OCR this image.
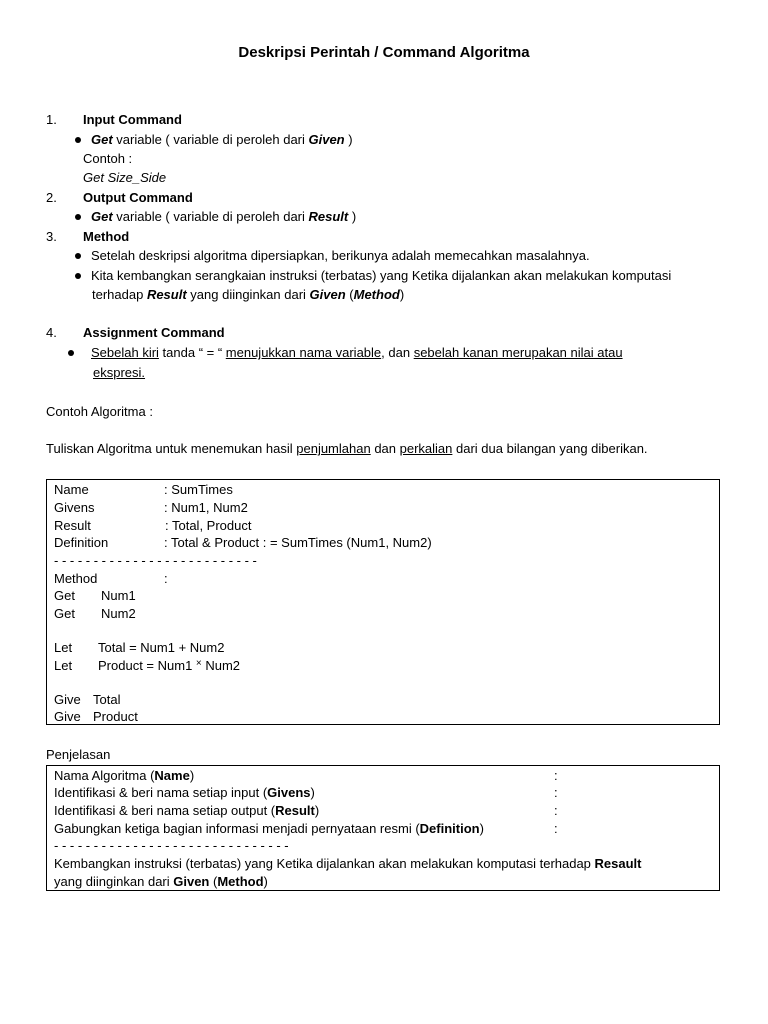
Deskripsi Perintah / Command Algoritma
1. Input Command
Get variable ( variable di peroleh dari Given )
Contoh :
Get Size_Side
2. Output Command
Get variable ( variable di peroleh dari Result )
3. Method
Setelah deskripsi algoritma dipersiapkan, berikunya adalah memecahkan masalahnya.
Kita kembangkan serangkaian instruksi (terbatas) yang Ketika dijalankan akan melakukan komputasi
terhadap Result yang diinginkan dari Given (Method)
4. Assignment Command
Sebelah kiri tanda “ = “ menujukkan nama variable, dan sebelah kanan merupakan nilai atau
ekspresi.
Contoh Algoritma :
Tuliskan Algoritma untuk menemukan hasil penjumlahan dan perkalian dari dua bilangan yang diberikan.
Name	: SumTimes
Givens	: Num1, Num2
Result	: Total, Product
Definition	: Total & Product : = SumTimes (Num1, Num2)
- - - - - - - - - - - - - - - - - - - - - - - - - -
Method	:
Get Num1
Get Num2
Let Total = Num1 + Num2
Let Product = Num1 × Num2
Give Total
Give Product
Penjelasan
Nama Algoritma (Name)	:
Identifikasi & beri nama setiap input (Givens)	:
Identifikasi & beri nama setiap output (Result)	:
Gabungkan ketiga bagian informasi menjadi pernyataan resmi (Definition)	:
- - - - - - - - - - - - - - - - - - - - - - - - - - - - - -
Kembangkan instruksi (terbatas) yang Ketika dijalankan akan melakukan komputasi terhadap Resault
yang diinginkan dari Given (Method)
